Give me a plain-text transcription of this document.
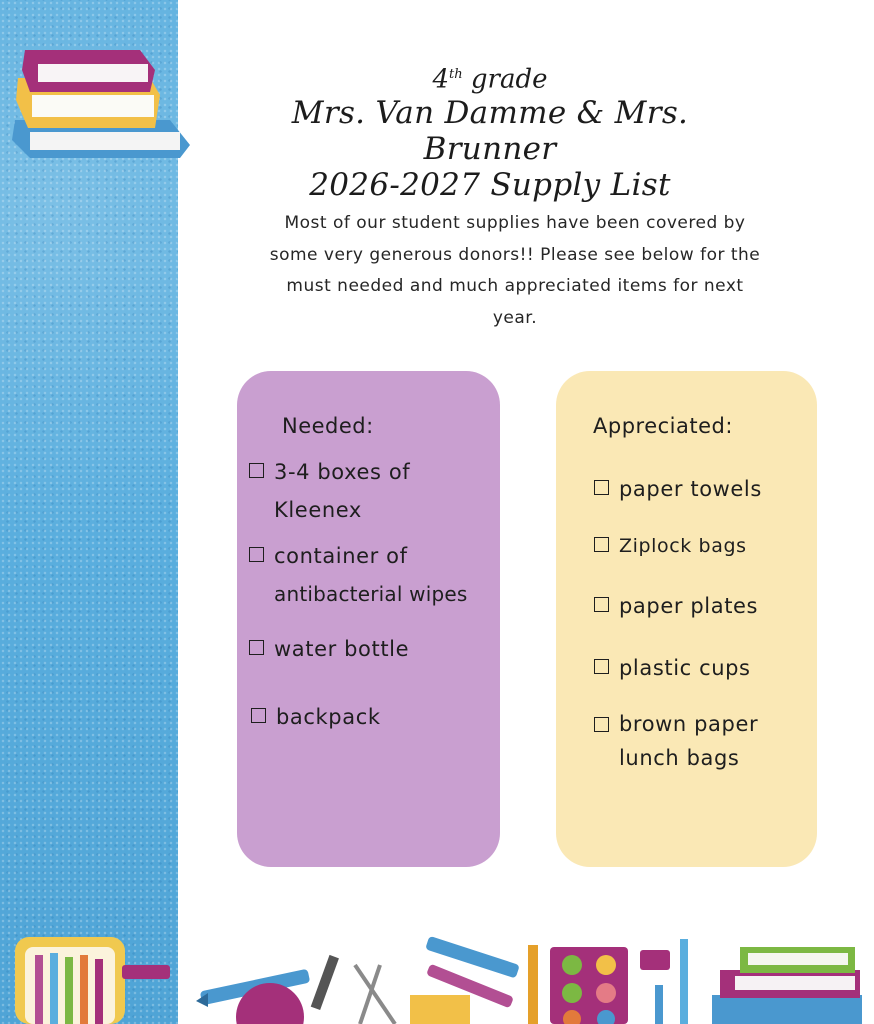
4th grade
Mrs. Van Damme & Mrs. Brunner
2026-2027 Supply List
Most of our student supplies have been covered by
some very generous donors!! Please see below for the
must needed and much appreciated items for next
year.
Needed:
3-4 boxes of
Kleenex
container of
antibacterial wipes
water bottle
backpack
Appreciated:
paper towels
Ziplock bags
paper plates
plastic cups
brown paper
lunch bags
